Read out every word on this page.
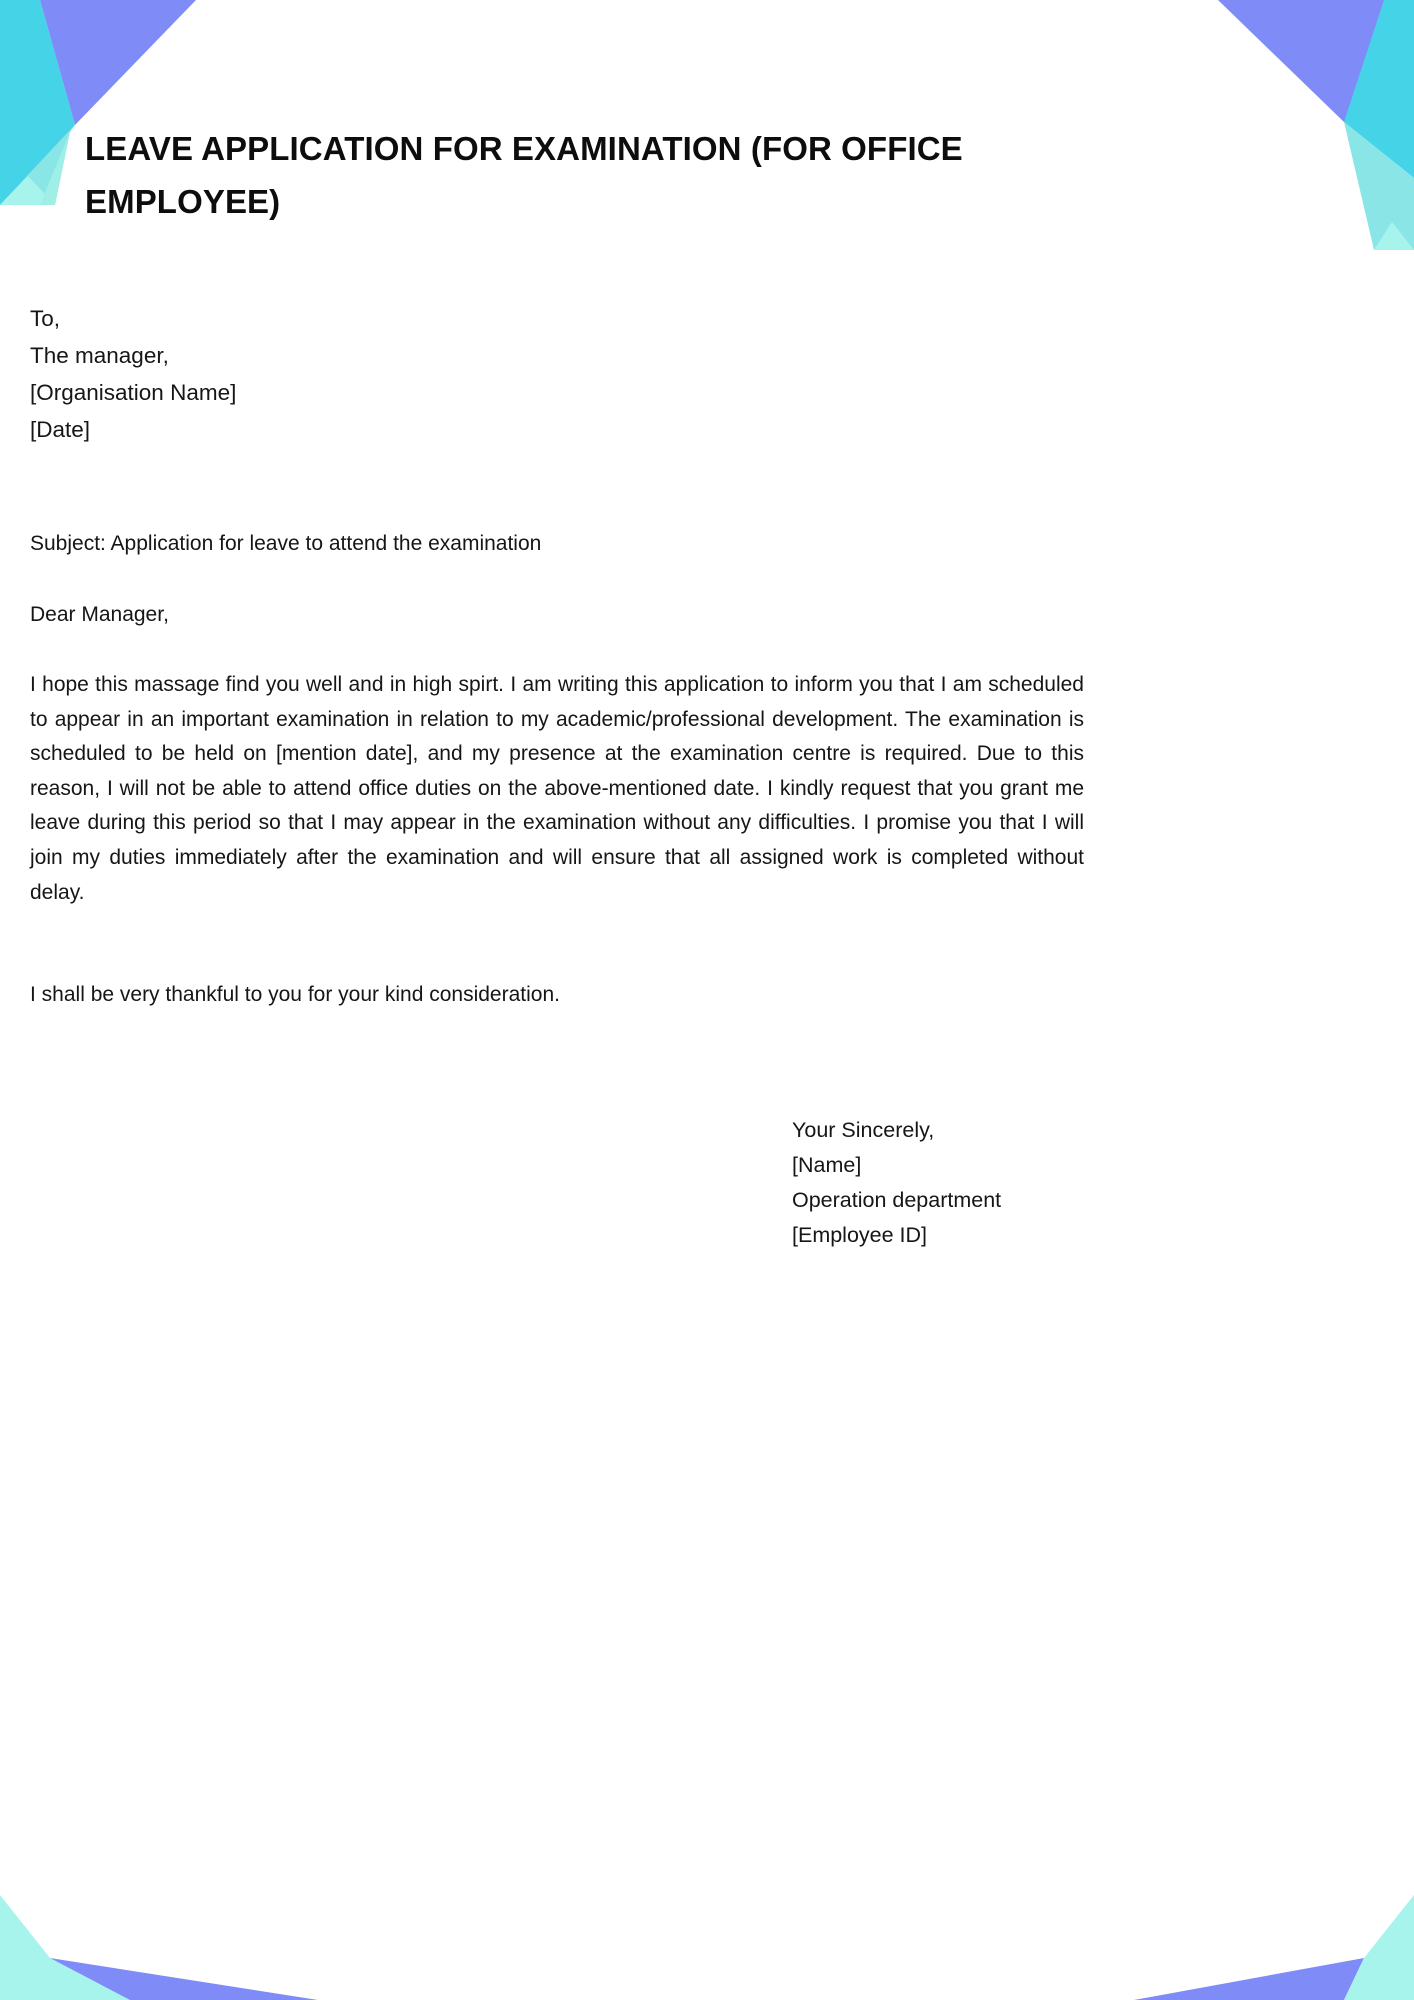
LEAVE APPLICATION FOR EXAMINATION (FOR OFFICE EMPLOYEE)
To,
The manager,
[Organisation Name]
[Date]
Subject: Application for leave to attend the examination
Dear Manager,

I hope this massage find you well and in high spirt. I am writing this application to inform you that I am scheduled to appear in an important examination in relation to my academic/professional development. The examination is scheduled to be held on [mention date], and my presence at the examination centre is required. Due to this reason, I will not be able to attend office duties on the above-mentioned date. I kindly request that you grant me leave during this period so that I may appear in the examination without any difficulties. I promise you that I will join my duties immediately after the examination and will ensure that all assigned work is completed without delay.

I shall be very thankful to you for your kind consideration.
Your Sincerely,
[Name]
Operation department
[Employee ID]
